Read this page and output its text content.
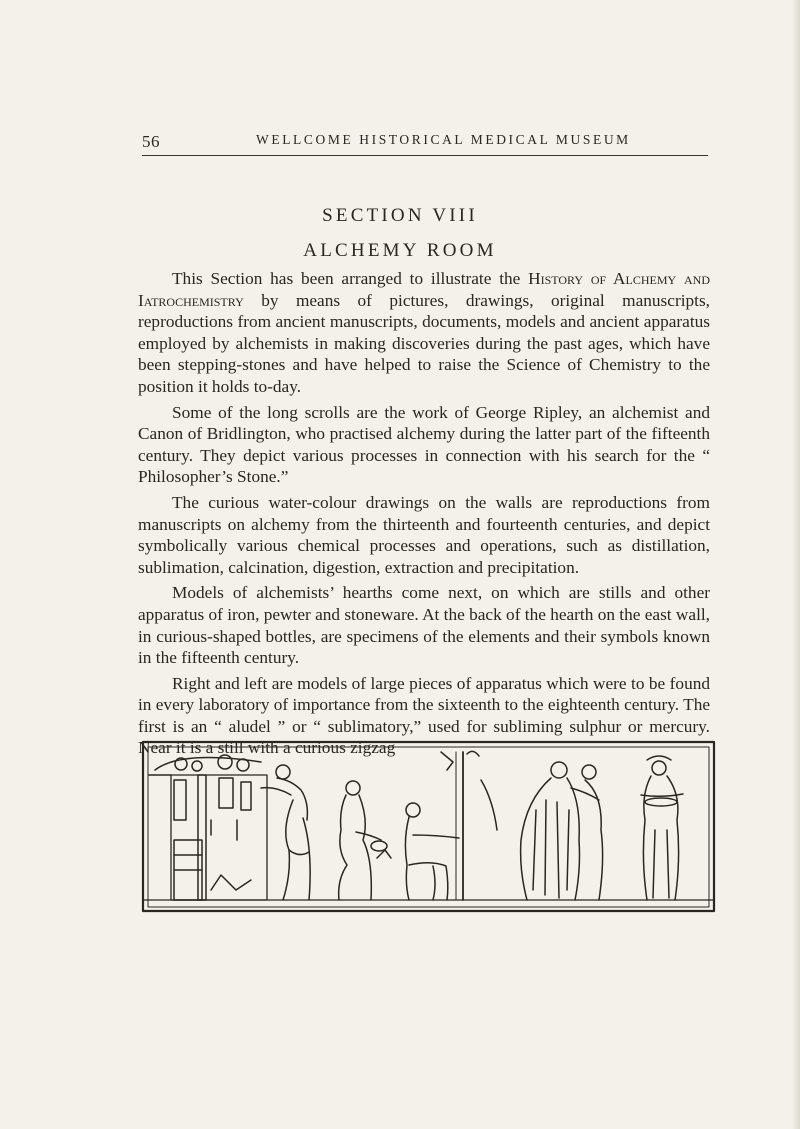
56	WELLCOME HISTORICAL MEDICAL MUSEUM
SECTION VIII
ALCHEMY ROOM

This Section has been arranged to illustrate the History of Alchemy and Iatrochemistry by means of pictures, drawings, original manuscripts, reproductions from ancient manuscripts, documents, models and ancient apparatus employed by alchemists in making discoveries during the past ages, which have been stepping-stones and have helped to raise the Science of Chemistry to the position it holds to-day.

Some of the long scrolls are the work of George Ripley, an alchemist and Canon of Bridlington, who practised alchemy during the latter part of the fifteenth century. They depict various processes in connection with his search for the “ Philosopher’s Stone.”

The curious water-colour drawings on the walls are reproductions from manuscripts on alchemy from the thirteenth and fourteenth centuries, and depict symbolically various chemical processes and operations, such as distillation, sublimation, calcination, digestion, extraction and precipitation.

Models of alchemists’ hearths come next, on which are stills and other apparatus of iron, pewter and stoneware. At the back of the hearth on the east wall, in curious-shaped bottles, are specimens of the elements and their symbols known in the fifteenth century.

Right and left are models of large pieces of apparatus which were to be found in every laboratory of importance from the sixteenth to the eighteenth century. The first is an “ aludel ” or “ sublimatory,” used for subliming sulphur or mercury. Near it is a still with a curious zigzag
